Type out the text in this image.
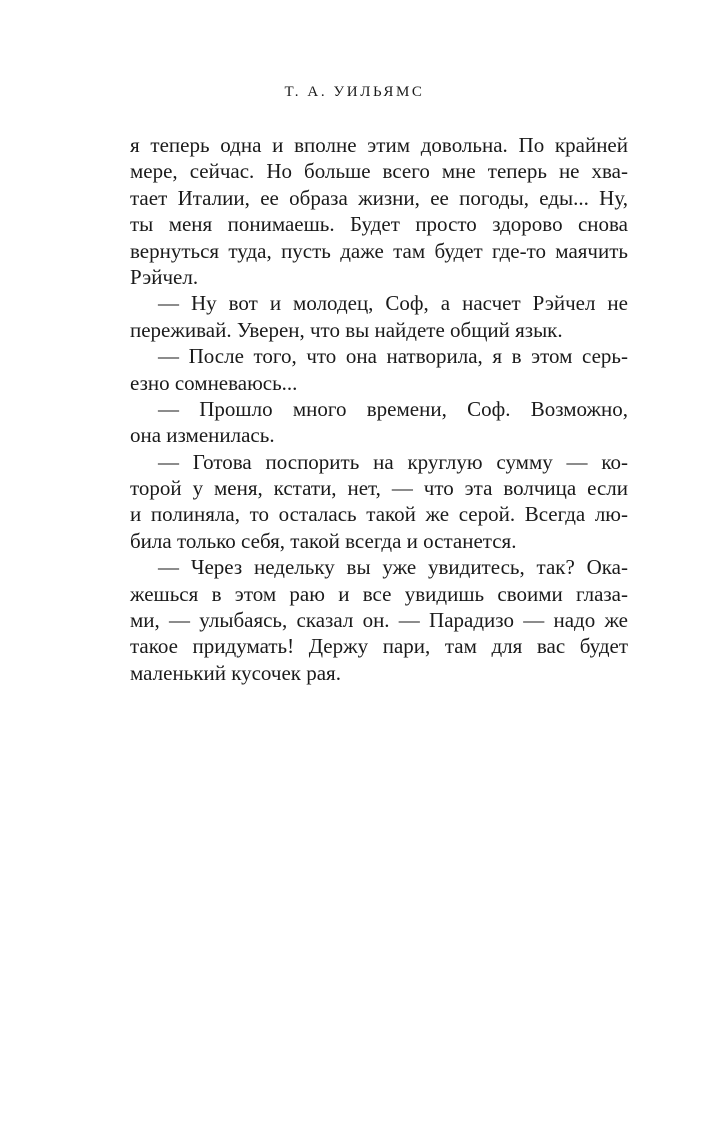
Т. А. УИЛЬЯМС
я теперь одна и вполне этим довольна. По крайней
мере, сейчас. Но больше всего мне теперь не хва-
тает Италии, ее образа жизни, ее погоды, еды... Ну,
ты меня понимаешь. Будет просто здорово снова
вернуться туда, пусть даже там будет где-то маячить
Рэйчел.
— Ну вот и молодец, Соф, а насчет Рэйчел не
переживай. Уверен, что вы найдете общий язык.
— После того, что она натворила, я в этом серь-
езно сомневаюсь...
— Прошло много времени, Соф. Возможно,
она изменилась.
— Готова поспорить на круглую сумму — ко-
торой у меня, кстати, нет, — что эта волчица если
и полиняла, то осталась такой же серой. Всегда лю-
била только себя, такой всегда и останется.
— Через недельку вы уже увидитесь, так? Ока-
жешься в этом раю и все увидишь своими глаза-
ми, — улыбаясь, сказал он. — Парадизо — надо же
такое придумать! Держу пари, там для вас будет
маленький кусочек рая.
